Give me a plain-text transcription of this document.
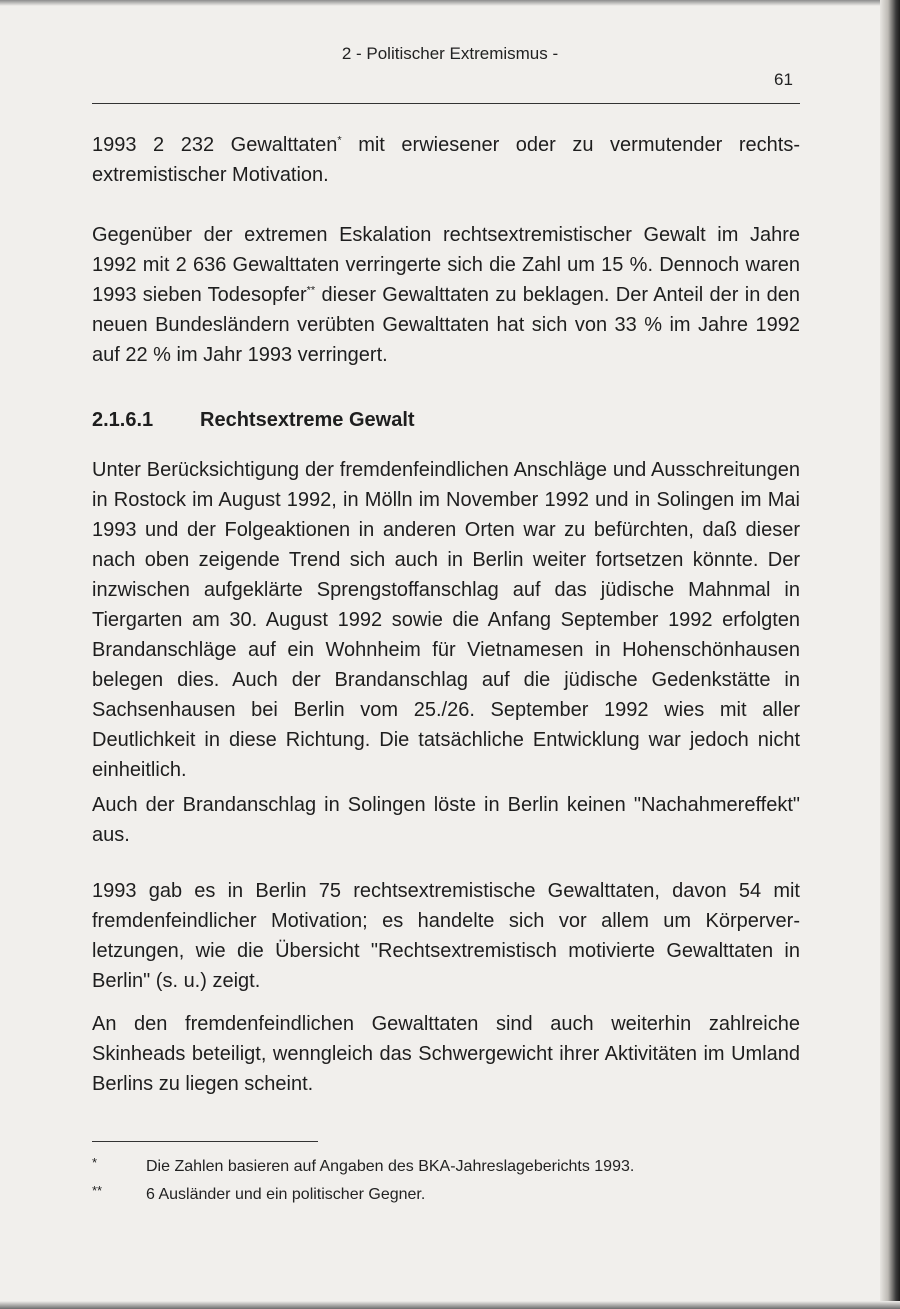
2 - Politischer Extremismus -

61

1993 2 232 Gewalttaten* mit erwiesener oder zu vermutender rechtsextremistischer Motivation.

Gegenüber der extremen Eskalation rechtsextremistischer Gewalt im Jahre 1992 mit 2 636 Gewalttaten verringerte sich die Zahl um 15 %. Dennoch waren 1993 sieben Todesopfer** dieser Gewalttaten zu beklagen. Der Anteil der in den neuen Bundesländern verübten Gewalttaten hat sich von 33 % im Jahre 1992 auf 22 % im Jahr 1993 verringert.

2.1.6.1 Rechtsextreme Gewalt

Unter Berücksichtigung der fremdenfeindlichen Anschläge und Ausschreitungen in Rostock im August 1992, in Mölln im November 1992 und in Solingen im Mai 1993 und der Folgeaktionen in anderen Orten war zu befürchten, daß dieser nach oben zeigende Trend sich auch in Berlin weiter fortsetzen könnte. Der inzwischen aufgeklärte Sprengstoffanschlag auf das jüdische Mahnmal in Tiergarten am 30. August 1992 sowie die Anfang September 1992 erfolgten Brandanschläge auf ein Wohnheim für Vietnamesen in Hohenschönhausen belegen dies. Auch der Brandanschlag auf die jüdische Gedenkstätte in Sachsenhausen bei Berlin vom 25./26. September 1992 wies mit aller Deutlichkeit in diese Richtung. Die tatsächliche Entwicklung war jedoch nicht einheitlich.

Auch der Brandanschlag in Solingen löste in Berlin keinen "Nachahmereffekt" aus.

1993 gab es in Berlin 75 rechtsextremistische Gewalttaten, davon 54 mit fremdenfeindlicher Motivation; es handelte sich vor allem um Körperverletzungen, wie die Übersicht "Rechtsextremistisch motivierte Gewalttaten in Berlin" (s. u.) zeigt.

An den fremdenfeindlichen Gewalttaten sind auch weiterhin zahlreiche Skinheads beteiligt, wenngleich das Schwergewicht ihrer Aktivitäten im Umland Berlins zu liegen scheint.

*	Die Zahlen basieren auf Angaben des BKA-Jahreslageberichts 1993.

**	6 Ausländer und ein politischer Gegner.
